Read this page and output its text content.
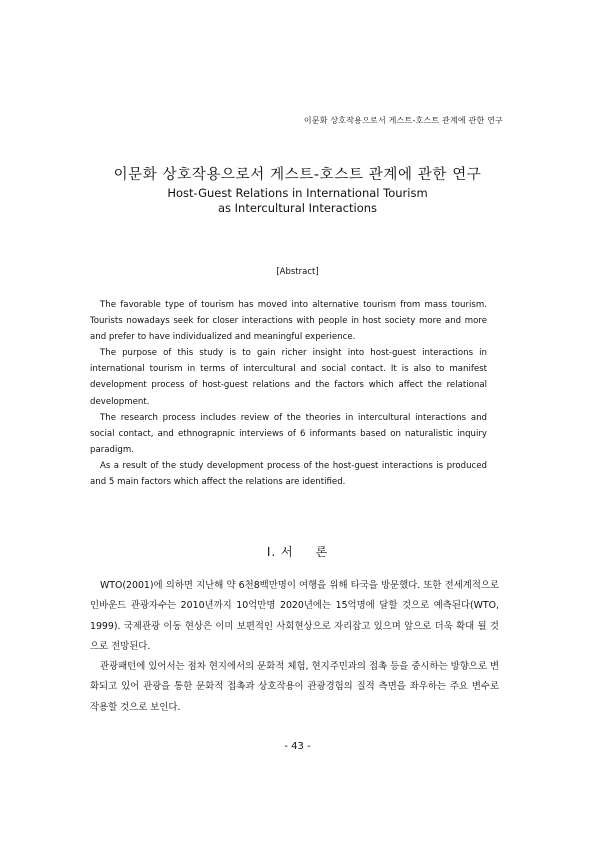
이문화 상호작용으로서 게스트-호스트 관계에 관한 연구
이문화 상호작용으로서 게스트-호스트 관계에 관한 연구
Host-Guest Relations in International Tourism
as Intercultural Interactions
[Abstract]

The favorable type of tourism has moved into alternative tourism from mass tourism. Tourists nowadays seek for closer interactions with people in host society more and more and prefer to have individualized and meaningful experience.

The purpose of this study is to gain richer insight into host-guest interactions in international tourism in terms of intercultural and social contact. It is also to manifest development process of host-guest relations and the factors which affect the relational development.

The research process includes review of the theories in intercultural interactions and social contact, and ethnograpnic interviews of 6 informants based on naturalistic inquiry paradigm.

As a result of the study development process of the host-guest interactions is produced and 5 main factors which affect the relations are identified.

Ⅰ. 서 론

WTO(2001)에 의하면 지난해 약 6천8백만명이 여행을 위해 타국을 방문했다. 또한 전세계적으로 인바운드 관광자수는 2010년까지 10억만명 2020년에는 15억명에 달할 것으로 예측된다(WTO, 1999). 국제관광 이동 현상은 이미 보편적인 사회현상으로 자리잡고 있으며 앞으로 더욱 확대 될 것으로 전망된다.

관광패턴에 있어서는 점차 현지에서의 문화적 체험, 현지주민과의 접촉 등을 중시하는 방향으로 변화되고 있어 관광을 통한 문화적 접촉과 상호작용이 관광경험의 질적 측면을 좌우하는 주요 변수로 작용할 것으로 보인다.

- 43 -
